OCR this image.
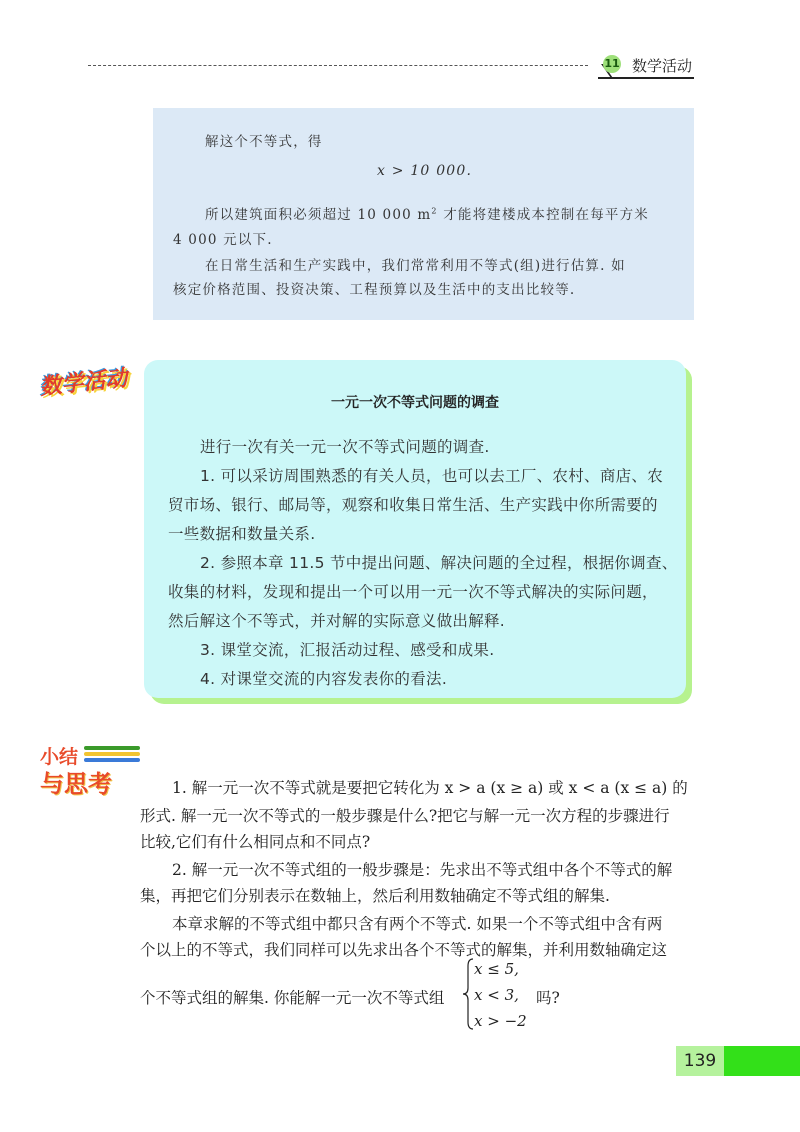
11 数学活动

解这个不等式，得

x > 10 000.

所以建筑面积必须超过 10 000 $m^2$ 才能将建楼成本控制在每平方米

4 000 元以下.

在日常生活和生产实践中，我们常常利用不等式(组)进行估算. 如

核定价格范围、投资决策、工程预算以及生活中的支出比较等.

数学活动
一元一次不等式问题的调查

进行一次有关一元一次不等式问题的调查.

1. 可以采访周围熟悉的有关人员，也可以去工厂、农村、商店、农

贸市场、银行、邮局等，观察和收集日常生活、生产实践中你所需要的

一些数据和数量关系.

2. 参照本章 11.5 节中提出问题、解决问题的全过程，根据你调查、

收集的材料，发现和提出一个可以用一元一次不等式解决的实际问题，

然后解这个不等式，并对解的实际意义做出解释.

3. 课堂交流，汇报活动过程、感受和成果.

4. 对课堂交流的内容发表你的看法.

小结
与思考	1. 解一元一次不等式就是要把它转化为 x > a (x ≥ a) 或 x < a (x ≤ a) 的

形式. 解一元一次不等式的一般步骤是什么?把它与解一元一次方程的步骤进行

比较,它们有什么相同点和不同点?

2. 解一元一次不等式组的一般步骤是：先求出不等式组中各个不等式的解

集，再把它们分别表示在数轴上，然后利用数轴确定不等式组的解集.

本章求解的不等式组中都只含有两个不等式. 如果一个不等式组中含有两

个以上的不等式，我们同样可以先求出各个不等式的解集，并利用数轴确定这

个不等式组的解集. 你能解一元一次不等式组

x ≤ 5,
x < 3,
x > −2
吗?
139
